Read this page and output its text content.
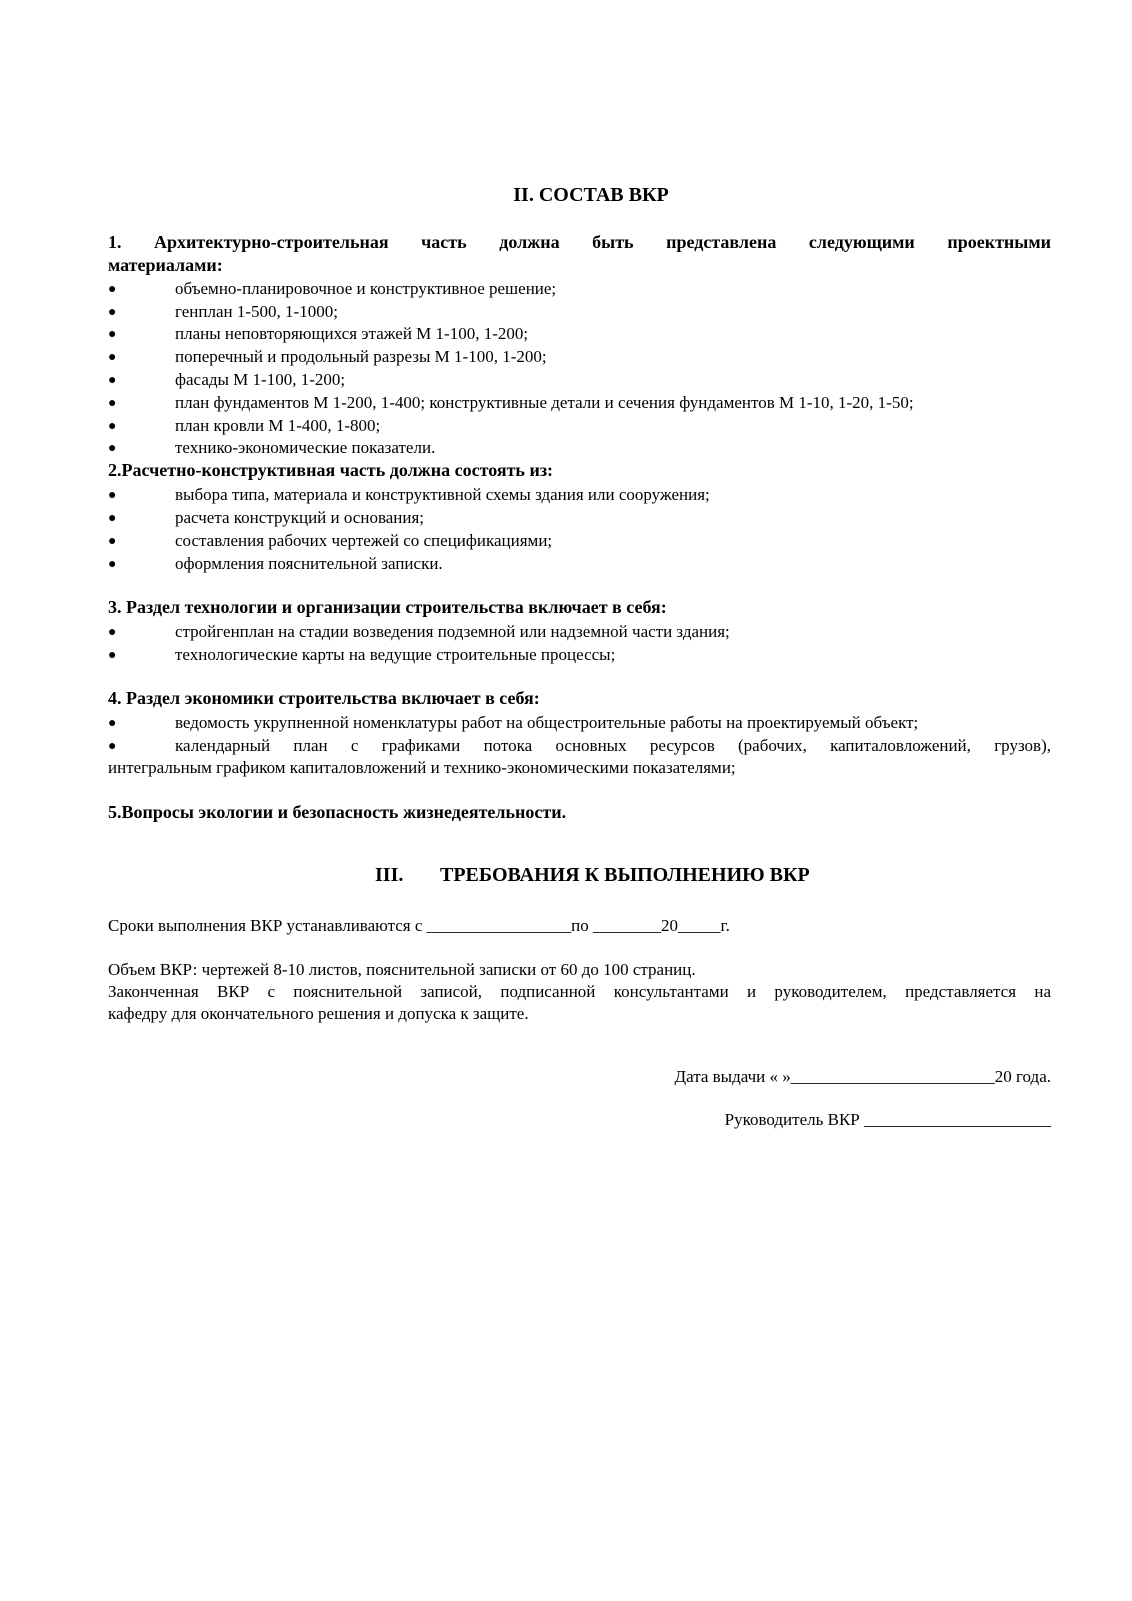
II. СОСТАВ ВКР
1. Архитектурно-строительная часть должна быть представлена следующими проектными
материалами:
●	объемно-планировочное и конструктивное решение;
●	генплан 1-500, 1-1000;
●	планы неповторяющихся этажей М 1-100, 1-200;
●	поперечный и продольный разрезы М 1-100, 1-200;
●	фасады М 1-100, 1-200;
●	план фундаментов М 1-200, 1-400; конструктивные детали и сечения фундаментов М 1-10, 1-20, 1-50;
●	план кровли М 1-400, 1-800;
●	технико-экономические показатели.
2.Расчетно-конструктивная часть должна состоять из:
●	выбора типа, материала и конструктивной схемы здания или сооружения;
●	расчета конструкций и основания;
●	составления рабочих чертежей со спецификациями;
●	оформления пояснительной записки.
3. Раздел технологии и организации строительства включает в себя:
●	стройгенплан на стадии возведения подземной или надземной части здания;
●	технологические карты на ведущие строительные процессы;
4. Раздел экономики строительства включает в себя:
●	ведомость укрупненной номенклатуры работ на общестроительные работы на проектируемый объект;
●	календарный план с графиками потока основных ресурсов (рабочих, капиталовложений, грузов),
интегральным графиком капиталовложений и технико-экономическими показателями;
5.Вопросы экологии и безопасность жизнедеятельности.
III. ТРЕБОВАНИЯ К ВЫПОЛНЕНИЮ ВКР
Сроки выполнения ВКР устанавливаются с _________________по ________20_____г.
Объем ВКР: чертежей 8-10 листов, пояснительной записки от 60 до 100 страниц.
Законченная ВКР с пояснительной записой, подписанной консультантами и руководителем, представляется на
кафедру для окончательного решения и допуска к защите.
Дата выдачи « »________________________20 года.
Руководитель ВКР ______________________
